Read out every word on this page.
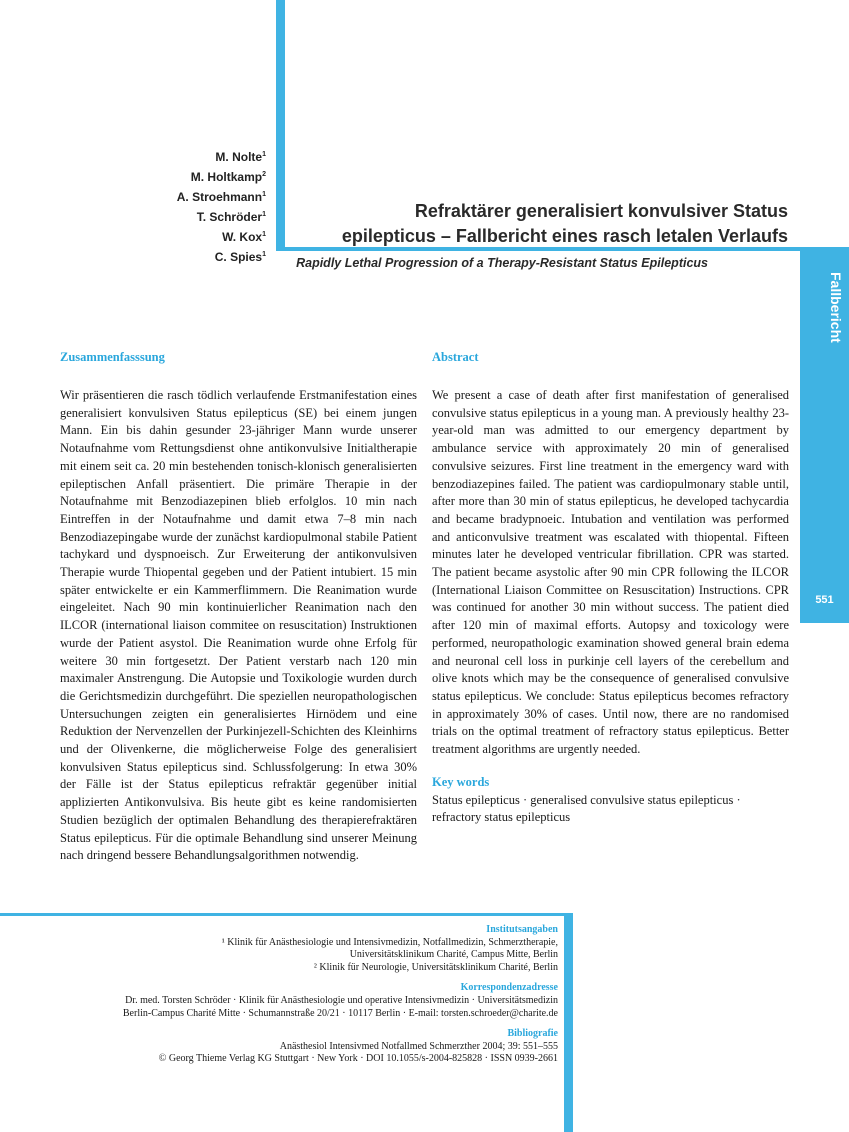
Fallbericht
551
M. Nolte$^1$
M. Holtkamp$^2$
A. Stroehmann$^1$
T. Schröder$^1$
W. Kox$^1$
C. Spies$^1$
Refraktärer generalisiert konvulsiver Status
epilepticus – Fallbericht eines rasch letalen Verlaufs
Rapidly Lethal Progression of a Therapy-Resistant Status Epilepticus

Zusammenfasssung

Wir präsentieren die rasch tödlich verlaufende Erstmanifestation eines generalisiert konvulsiven Status epilepticus (SE) bei einem jungen Mann. Ein bis dahin gesunder 23-jähriger Mann wurde unserer Notaufnahme vom Rettungsdienst ohne antikonvulsive Initialtherapie mit einem seit ca. 20 min bestehenden tonisch-klonisch generalisierten epileptischen Anfall präsentiert. Die primäre Therapie in der Notaufnahme mit Benzodiazepinen blieb erfolglos. 10 min nach Eintreffen in der Notaufnahme und damit etwa 7–8 min nach Benzodiazepingabe wurde der zunächst kardiopulmonal stabile Patient tachykard und dyspnoeisch. Zur Erweiterung der antikonvulsiven Therapie wurde Thiopental gegeben und der Patient intubiert. 15 min später entwickelte er ein Kammerflimmern. Die Reanimation wurde eingeleitet. Nach 90 min kontinuierlicher Reanimation nach den ILCOR (international liaison commitee on resuscitation) Instruktionen wurde der Patient asystol. Die Reanimation wurde ohne Erfolg für weitere 30 min fortgesetzt. Der Patient verstarb nach 120 min maximaler Anstrengung. Die Autopsie und Toxikologie wurden durch die Gerichtsmedizin durchgeführt. Die speziellen neuropathologischen Untersuchungen zeigten ein generalisiertes Hirnödem und eine Reduktion der Nervenzellen der Purkinjezell-Schichten des Kleinhirns und der Olivenkerne, die möglicherweise Folge des generalisiert konvulsiven Status epilepticus sind. Schlussfolgerung: In etwa 30% der Fälle ist der Status epilepticus refraktär gegenüber initial applizierten Antikonvulsiva. Bis heute gibt es keine randomisierten Studien bezüglich der optimalen Behandlung des therapierefraktären Status epilepticus. Für die optimale Behandlung sind unserer Meinung nach dringend bessere Behandlungsalgorithmen notwendig.

Abstract

We present a case of death after first manifestation of generalised convulsive status epilepticus in a young man. A previously healthy 23-year-old man was admitted to our emergency department by ambulance service with approximately 20 min of generalised convulsive seizures. First line treatment in the emergency ward with benzodiazepines failed. The patient was cardiopulmonary stable until, after more than 30 min of status epilepticus, he developed tachycardia and became bradypnoeic. Intubation and ventilation was performed and anticonvulsive treatment was escalated with thiopental. Fifteen minutes later he developed ventricular fibrillation. CPR was started. The patient became asystolic after 90 min CPR following the ILCOR (International Liaison Committee on Resuscitation) Instructions. CPR was continued for another 30 min without success. The patient died after 120 min of maximal efforts. Autopsy and toxicology were performed, neuropathologic examination showed general brain edema and neuronal cell loss in purkinje cell layers of the cerebellum and olive knots which may be the consequence of generalised convulsive status epilepticus. We conclude: Status epilepticus becomes refractory in approximately 30% of cases. Until now, there are no randomised trials on the optimal treatment of refractory status epilepticus. Better treatment algorithms are urgently needed.

Key words

Status epilepticus · generalised convulsive status epilepticus · refractory status epilepticus

Institutsangaben
¹ Klinik für Anästhesiologie und Intensivmedizin, Notfallmedizin, Schmerztherapie,
Universitätsklinikum Charité, Campus Mitte, Berlin
² Klinik für Neurologie, Universitätsklinikum Charité, Berlin
Korrespondenzadresse
Dr. med. Torsten Schröder · Klinik für Anästhesiologie und operative Intensivmedizin · Universitätsmedizin
Berlin-Campus Charité Mitte · Schumannstraße 20/21 · 10117 Berlin · E-mail: torsten.schroeder@charite.de
Bibliografie
Anästhesiol Intensivmed Notfallmed Schmerzther 2004; 39: 551–555
© Georg Thieme Verlag KG Stuttgart · New York · DOI 10.1055/s-2004-825828 · ISSN 0939-2661
